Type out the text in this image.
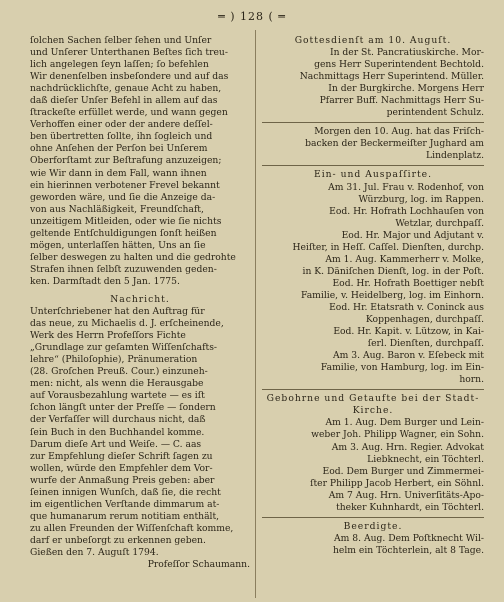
═ ) 128 ( ═
ſolchen Sachen ſelber ſehen und Unſer
und Unſerer Unterthanen Beſtes ſich treu-
lich angelegen ſeyn laſſen; ſo befehlen
Wir denenſelben insbeſondere und auf das
nachdrücklichſte, genaue Acht zu haben,
daß dieſer Unſer Befehl in allem auf das
ſtrackeſte erfüllet werde, und wann gegen
Verhoffen einer oder der andere deſſel-
ben übertretten ſollte, ihn ſogleich und
ohne Anſehen der Perſon bei Unſerem
Oberforſtamt zur Beſtrafung anzuzeigen;
wie Wir dann in dem Fall, wann ihnen
ein hierinnen verbotener Frevel bekannt
geworden wäre, und ſie die Anzeige da-
von aus Nachläßigkeit, Freundſchaft,
unzeitigem Mitleiden, oder wie ſie nichts
geltende Entſchuldigungen ſonſt heißen
mögen, unterlaſſen hätten, Uns an ſie
ſelber deswegen zu halten und die gedrohte
Strafen ihnen ſelbſt zuzuwenden geden-
ken. Darmſtadt den 5 Jan. 1775.
Nachricht.
Unterſchriebener hat den Auftrag für
das neue, zu Michaelis d. J. erſcheinende,
Werk des Herrn Profeſſors Fichte
„Grundlage zur geſamten Wiſſenſchafts-
lehre“ (Philoſophie), Pränumeration
(28. Groſchen Preuß. Cour.) einzuneh-
men: nicht, als wenn die Herausgabe
auf Vorausbezahlung wartete — es iſt
ſchon längſt unter der Preſſe — ſondern
der Verfaſſer will durchaus nicht, daß
ſein Buch in den Buchhandel komme.
Darum dieſe Art und Weiſe. — C. aas
zur Empfehlung dieſer Schrift ſagen zu
wollen, würde den Empfehler dem Vor-
wurfe der Anmaßung Preis geben: aber
ſeinen innigen Wunſch, daß ſie, die recht
im eigentlichen Verſtande dimmarum at-
que humanarum rerum notitiam enthält,
zu allen Freunden der Wiſſenſchaft komme,
darf er unbeſorgt zu erkennen geben.
Gießen den 7. Auguſt 1794.
Profeſſor Schaumann.
Gottesdienſt am 10. Auguſt.
In der St. Pancratiuskirche. Mor-
gens Herr Superintendent Bechtold.
Nachmittags Herr Superintend. Müller.
In der Burgkirche. Morgens Herr
Pfarrer Buff. Nachmittags Herr Su-
perintendent Schulz.
Morgen den 10. Aug. hat das Friſch-
backen der Beckermeiſter Jughard am
Lindenplatz.
Ein- und Auspaſſirte.
Am 31. Jul. Frau v. Rodenhof, von
Würzburg, log. im Rappen.
Eod. Hr. Hofrath Lochhauſen von
Wetzlar, durchpaſſ.
Eod. Hr. Major und Adjutant v.
Heiſter, in Heſſ. Caſſel. Dienſten, durchp.
Am 1. Aug. Kammerherr v. Molke,
in K. Däniſchen Dienſt, log. in der Poſt.
Eod. Hr. Hofrath Boettiger nebſt
Familie, v. Heidelberg, log. im Einhorn.
Eod. Hr. Etatsrath v. Coninck aus
Koppenhagen, durchpaſſ.
Eod. Hr. Kapit. v. Lützow, in Kai-
ſerl. Dienſten, durchpaſſ.
Am 3. Aug. Baron v. Eſebeck mit
Familie, von Hamburg, log. im Ein-
horn.
Gebohrne und Getaufte bei der Stadt-
Kirche.
Am 1. Aug. Dem Burger und Lein-
weber Joh. Philipp Wagner, ein Sohn.
Am 3. Aug. Hrn. Regier. Advokat
Liebknecht, ein Töchterl.
Eod. Dem Burger und Zimmermei-
ſter Philipp Jacob Herbert, ein Söhnl.
Am 7 Aug. Hrn. Univerſitäts-Apo-
theker Kuhnhardt, ein Töchterl.
Beerdigte.
Am 8. Aug. Dem Poſtknecht Wil-
helm ein Töchterlein, alt 8 Tage.
